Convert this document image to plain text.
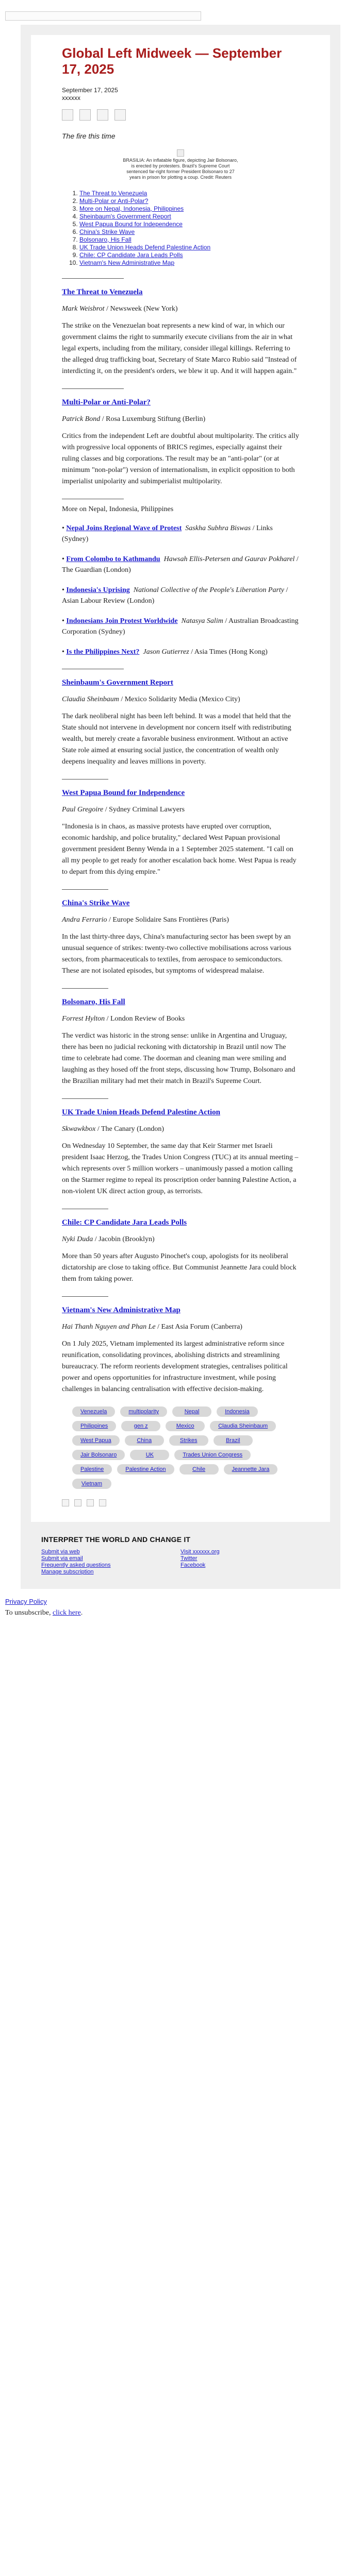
Global Left Midweek — September 17, 2025
September 17, 2025
xxxxxx

The fire this time

BRASILIA: An inflatable figure, depicting Jair Bolsonaro, is erected by protesters. Brazil's Supreme Court sentenced far-right former President Bolsonaro to 27 years in prison for plotting a coup. Credit: Reuters

1. The Threat to Venezuela
2. Multi-Polar or Anti-Polar?
3. More on Nepal, Indonesia, Philippines
4. Sheinbaum's Government Report
5. West Papua Bound for Independence
6. China's Strike Wave
7. Bolsonaro, His Fall
8. UK Trade Union Heads Defend Palestine Action
9. Chile: CP Candidate Jara Leads Polls
10. Vietnam's New Administrative Map
The Threat to Venezuela

Mark Weisbrot / Newsweek (New York)

The strike on the Venezuelan boat represents a new kind of war, in which our government claims the right to summarily execute civilians from the air in what legal experts, including from the military, consider illegal killings. Referring to the alleged drug trafficking boat, Secretary of State Marco Rubio said "Instead of interdicting it, on the president's orders, we blew it up. And it will happen again."

Multi-Polar or Anti-Polar?

Patrick Bond / Rosa Luxemburg Stiftung (Berlin)

Critics from the independent Left are doubtful about multipolarity. The critics ally with progressive local opponents of BRICS regimes, especially against their ruling classes and big corporations. The result may be an "anti-polar" (or at minimum "non-polar") version of internationalism, in explicit opposition to both imperialist unipolarity and subimperialist multipolarity.

More on Nepal, Indonesia, Philippines

• Nepal Joins Regional Wave of Protest Saskha Subhra Biswas / Links (Sydney)

• From Colombo to Kathmandu Hawsah Ellis-Petersen and Gaurav Pokharel / The Guardian (London)

• Indonesia's Uprising National Collective of the People's Liberation Party / Asian Labour Review (London)

• Indonesians Join Protest Worldwide Natasya Salim / Australian Broadcasting Corporation (Sydney)

• Is the Philippines Next? Jason Gutierrez / Asia Times (Hong Kong)

Sheinbaum's Government Report

Claudia Sheinbaum / Mexico Solidarity Media (Mexico City)

The dark neoliberal night has been left behind. It was a model that held that the State should not intervene in development nor concern itself with redistributing wealth, but merely create a favorable business environment. Without an active State role aimed at ensuring social justice, the concentration of wealth only deepens inequality and leaves millions in poverty.

West Papua Bound for Independence

Paul Gregoire / Sydney Criminal Lawyers

"Indonesia is in chaos, as massive protests have erupted over corruption, economic hardship, and police brutality," declared West Papuan provisional government president Benny Wenda in a 1 September 2025 statement. "I call on all my people to get ready for another escalation back home. West Papua is ready to depart from this dying empire."

China's Strike Wave

Andra Ferrario / Europe Solidaire Sans Frontières (Paris)

In the last thirty-three days, China's manufacturing sector has been swept by an unusual sequence of strikes: twenty-two collective mobilisations across various sectors, from pharmaceuticals to textiles, from aerospace to semiconductors. These are not isolated episodes, but symptoms of widespread malaise.

Bolsonaro, His Fall

Forrest Hylton / London Review of Books

The verdict was historic in the strong sense: unlike in Argentina and Uruguay, there has been no judicial reckoning with dictatorship in Brazil until now The time to celebrate had come. The doorman and cleaning man were smiling and laughing as they hosed off the front steps, discussing how Trump, Bolsonaro and the Brazilian military had met their match in Brazil's Supreme Court.

UK Trade Union Heads Defend Palestine Action

Skwawkbox / The Canary (London)

On Wednesday 10 September, the same day that Keir Starmer met Israeli president Isaac Herzog, the Trades Union Congress (TUC) at its annual meeting – which represents over 5 million workers – unanimously passed a motion calling on the Starmer regime to repeal its proscription order banning Palestine Action, a non-violent UK direct action group, as terrorists.

Chile: CP Candidate Jara Leads Polls

Nyki Duda / Jacobin (Brooklyn)

More than 50 years after Augusto Pinochet's coup, apologists for its neoliberal dictatorship are close to taking office. But Communist Jeannette Jara could block them from taking power.

Vietnam's New Administrative Map

Hai Thanh Nguyen and Phan Le / East Asia Forum (Canberra)

On 1 July 2025, Vietnam implemented its largest administrative reform since reunification, consolidating provinces, abolishing districts and streamlining bureaucracy. The reform reorients development strategies, centralises political power and opens opportunities for infrastructure investment, while posing challenges in balancing centralisation with effective decision-making.

Venezuela	multipolarity	Nepal	Indonesia
Philippines	gen z	Mexico	Claudia Sheinbaum
West Papua	China	Strikes	Brazil
Jair Bolsonaro	UK	Trades Union Congress
Palestine	Palestine Action	Chile	Jeannette Jara
Vietnam
INTERPRET THE WORLD AND CHANGE IT
Submit via web
Submit via email
Frequently asked questions
Manage subscription
Visit xxxxxx.org
Twitter
Facebook
Privacy Policy
To unsubscribe, click here.
